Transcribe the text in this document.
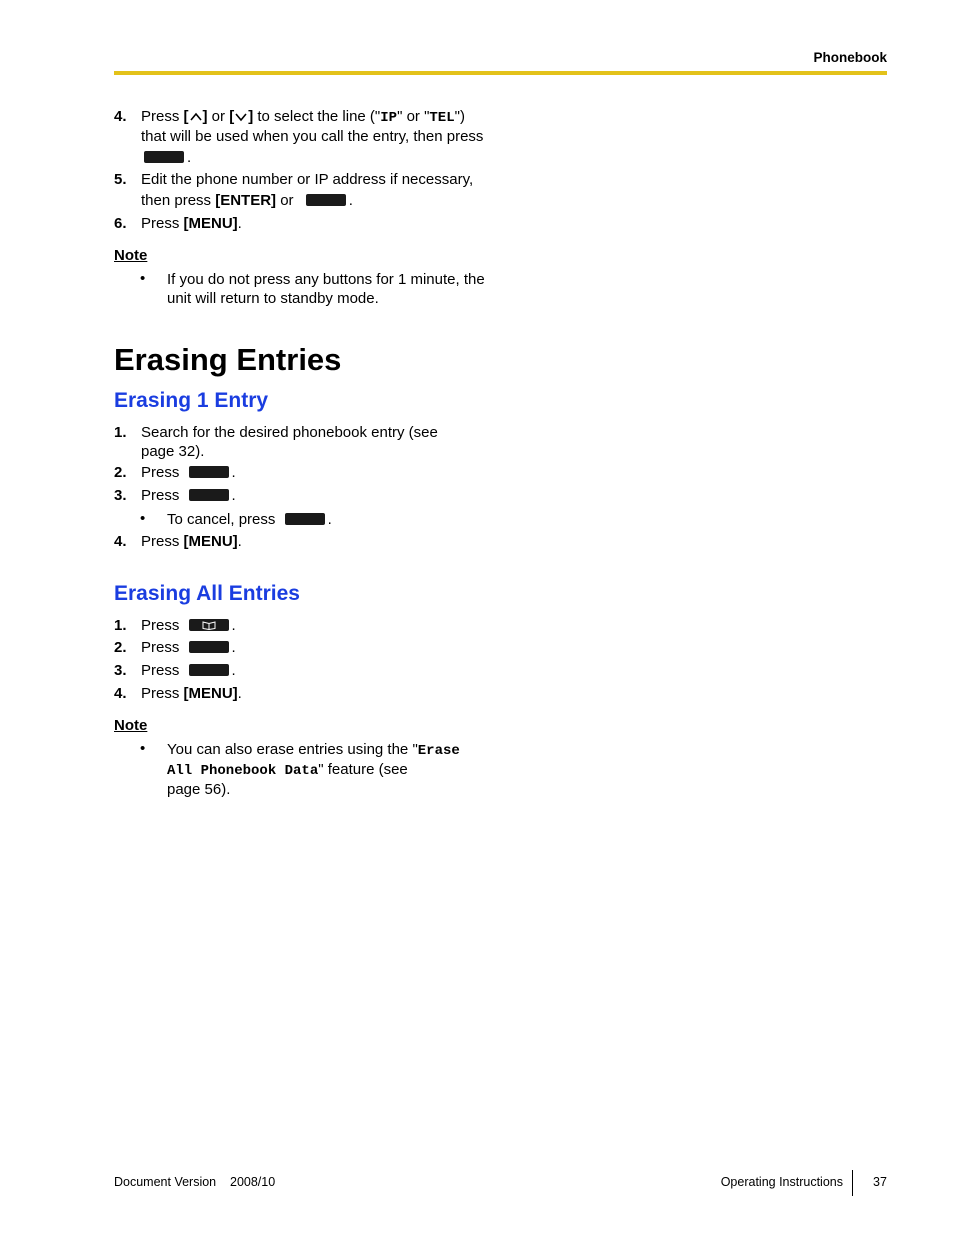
Phonebook
4. Press [ ] or [ ] to select the line ("IP" or "TEL")
that will be used when you call the entry, then press
.
5. Edit the phone number or IP address if necessary,
then press [ENTER] or	.
6. Press [MENU].
Note
• If you do not press any buttons for 1 minute, the
unit will return to standby mode.
Erasing Entries
Erasing 1 Entry
1. Search for the desired phonebook entry (see
page 32).
2. Press	.
3. Press	.
• To cancel, press	.
4. Press [MENU].
Erasing All Entries
1. Press	.
2. Press	.
3. Press	.
4. Press [MENU].
Note
• You can also erase entries using the "Erase
All Phonebook Data" feature (see
page 56).
Document Version 2008/10	Operating Instructions 37
